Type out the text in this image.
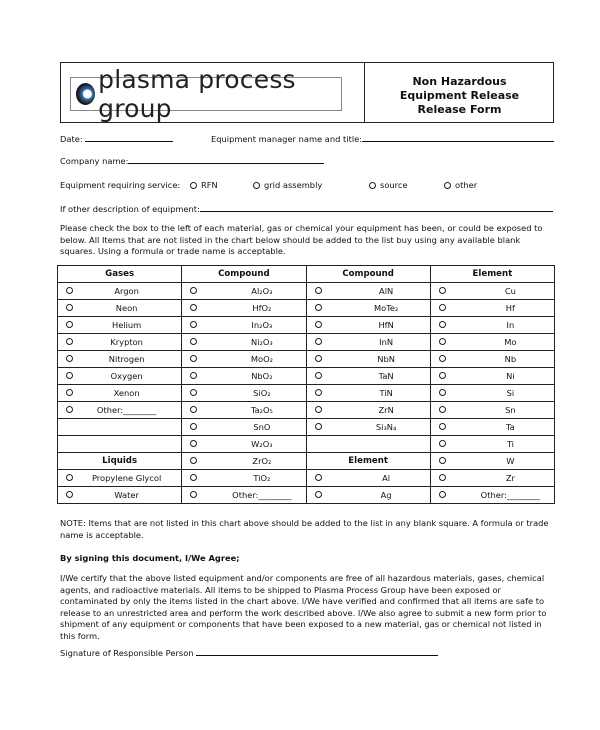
plasma process group
Non Hazardous
Equipment Release
Release Form
Date:	Equipment manager name and title:
Company name:
Equipment requiring service:	RFN	grid assembly	source	other
If other description of equipment:

Please check the box to the left of each material, gas or chemical your equipment has been, or could be exposed to below. All Items that are not listed in the chart below should be added to the list buy using any available blank squares. Using a formula or trade name is acceptable.

Gases	Compound	Compound	Element

Argon	Al₂O₃	AlN	Cu

Neon	HfO₂	MoTe₂	Hf

Helium	In₂O₃	HfN	In

Krypton	Ni₂O₃	InN	Mo

Nitrogen	MoO₂	NbN	Nb

Oxygen	NbO₂	TaN	Ni

Xenon	SiO₂	TiN	Si

Other:________	Ta₂O₅	ZrN	Sn

	SnO	Si₃N₄	Ta

	W₂O₃		Ti

Liquids	ZrO₂	Element	W

Propylene Glycol	TiO₂	Al	Zr

Water	Other:________	Ag	Other:________

NOTE: Items that are not listed in this chart above should be added to the list in any blank square. A formula or trade name is acceptable.

By signing this document, I/We Agree;

I/We certify that the above listed equipment and/or components are free of all hazardous materials, gases, chemical agents, and radioactive materials. All items to be shipped to Plasma Process Group have been exposed or contaminated by only the items listed in the chart above. I/We have verified and confirmed that all items are safe to release to an unrestricted area and perform the work described above. I/We also agree to submit a new form prior to shipment of any equipment or components that have been exposed to a new material, gas or chemical not listed in this form.

Signature of Responsible Person
